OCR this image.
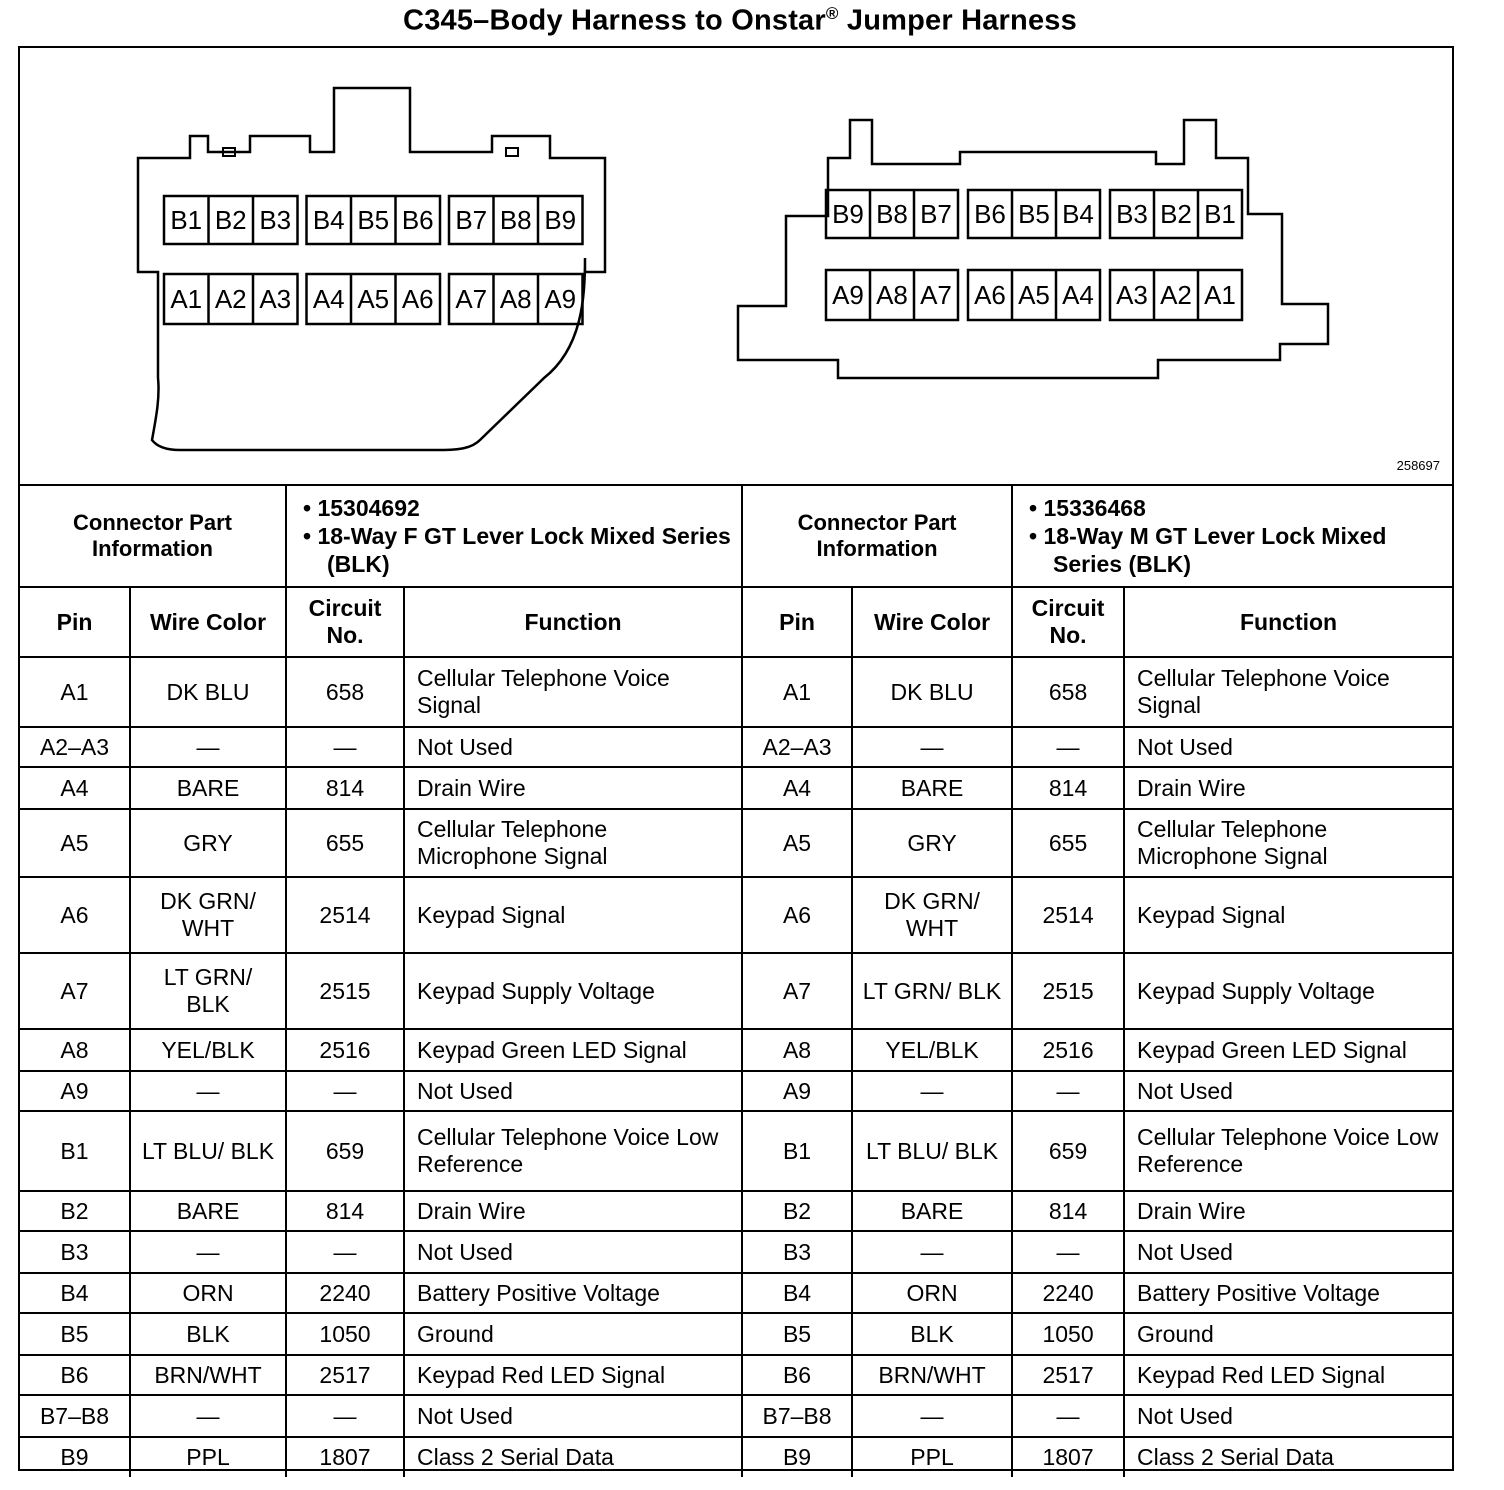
C345–Body Harness to Onstar® Jumper Harness
B1 B2 B3 B4 B5 B6 B7 B8 B9
A1 A2 A3 A4 A5 A6 A7 A8 A9
B9 B8 B7 B6 B5 B4 B3 B2 B1
A9 A8 A7 A6 A5 A4 A3 A2 A1
258697
Connector Part Information		• 15304692
• 18-Way F GT Lever Lock Mixed Series (BLK)		Connector Part Information		• 15336468
• 18-Way M GT Lever Lock Mixed Series (BLK)	

Pin	Wire Color	Circuit No.	Function	Pin	Wire Color	Circuit No.	Function
A1	DK BLU	658	Cellular Telephone Voice Signal	A1	DK BLU	658	Cellular Telephone Voice Signal
A2–A3	—	—	Not Used	A2–A3	—	—	Not Used
A4	BARE	814	Drain Wire	A4	BARE	814	Drain Wire
A5	GRY	655	Cellular Telephone Microphone Signal	A5	GRY	655	Cellular Telephone Microphone Signal
A6	DK GRN/ WHT	2514	Keypad Signal	A6	DK GRN/ WHT	2514	Keypad Signal
A7	LT GRN/ BLK	2515	Keypad Supply Voltage	A7	LT GRN/ BLK	2515	Keypad Supply Voltage
A8	YEL/BLK	2516	Keypad Green LED Signal	A8	YEL/BLK	2516	Keypad Green LED Signal
A9	—	—	Not Used	A9	—	—	Not Used
B1	LT BLU/ BLK	659	Cellular Telephone Voice Low Reference	B1	LT BLU/ BLK	659	Cellular Telephone Voice Low Reference
B2	BARE	814	Drain Wire	B2	BARE	814	Drain Wire
B3	—	—	Not Used	B3	—	—	Not Used
B4	ORN	2240	Battery Positive Voltage	B4	ORN	2240	Battery Positive Voltage
B5	BLK	1050	Ground	B5	BLK	1050	Ground
B6	BRN/WHT	2517	Keypad Red LED Signal	B6	BRN/WHT	2517	Keypad Red LED Signal
B7–B8	—	—	Not Used	B7–B8	—	—	Not Used
B9	PPL	1807	Class 2 Serial Data	B9	PPL	1807	Class 2 Serial Data
